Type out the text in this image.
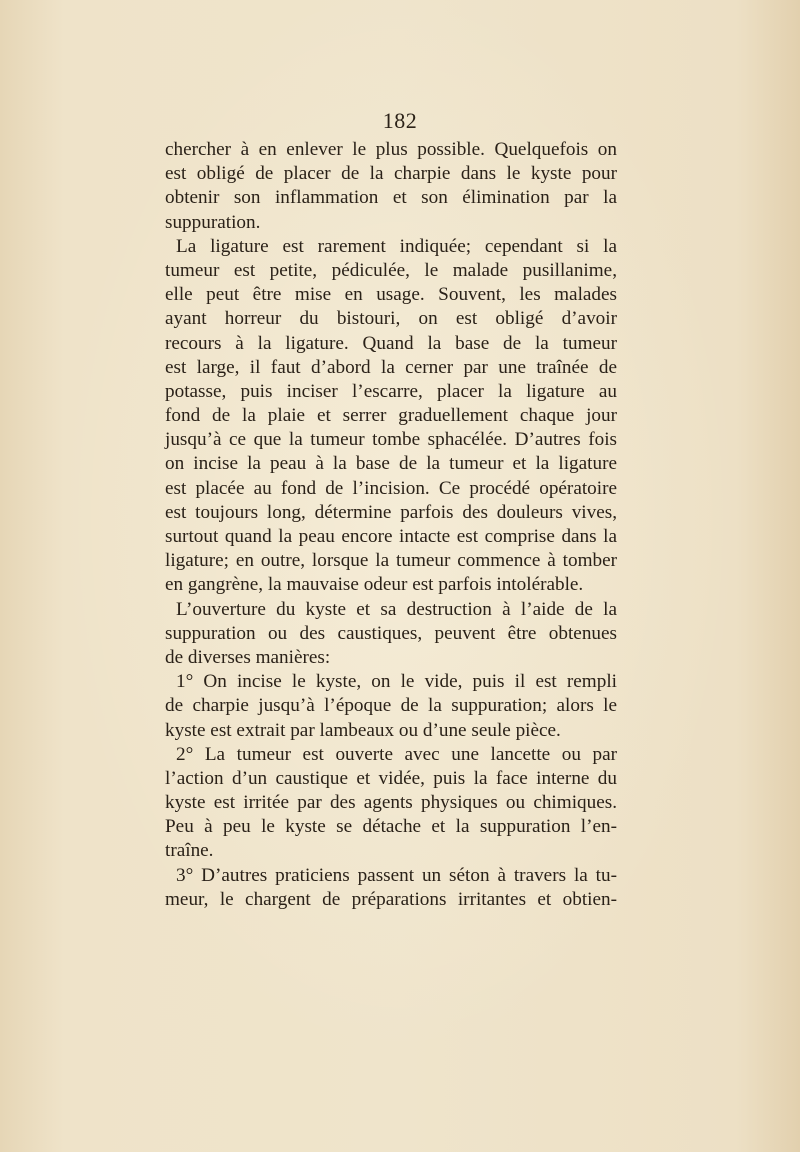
182
chercher à en enlever le plus possible. Quelquefois on
est obligé de placer de la charpie dans le kyste pour
obtenir son inflammation et son élimination par la
suppuration.
La ligature est rarement indiquée; cependant si la
tumeur est petite, pédiculée, le malade pusillanime,
elle peut être mise en usage. Souvent, les malades
ayant horreur du bistouri, on est obligé d’avoir
recours à la ligature. Quand la base de la tumeur
est large, il faut d’abord la cerner par une traînée de
potasse, puis inciser l’escarre, placer la ligature au
fond de la plaie et serrer graduellement chaque jour
jusqu’à ce que la tumeur tombe sphacélée. D’autres fois
on incise la peau à la base de la tumeur et la ligature
est placée au fond de l’incision. Ce procédé opératoire
est toujours long, détermine parfois des douleurs vives,
surtout quand la peau encore intacte est comprise dans la
ligature; en outre, lorsque la tumeur commence à tomber
en gangrène, la mauvaise odeur est parfois intolérable.
L’ouverture du kyste et sa destruction à l’aide de la
suppuration ou des caustiques, peuvent être obtenues
de diverses manières:
1° On incise le kyste, on le vide, puis il est rempli
de charpie jusqu’à l’époque de la suppuration; alors le
kyste est extrait par lambeaux ou d’une seule pièce.
2° La tumeur est ouverte avec une lancette ou par
l’action d’un caustique et vidée, puis la face interne du
kyste est irritée par des agents physiques ou chimiques.
Peu à peu le kyste se détache et la suppuration l’en-
traîne.
3° D’autres praticiens passent un séton à travers la tu-
meur, le chargent de préparations irritantes et obtien-
